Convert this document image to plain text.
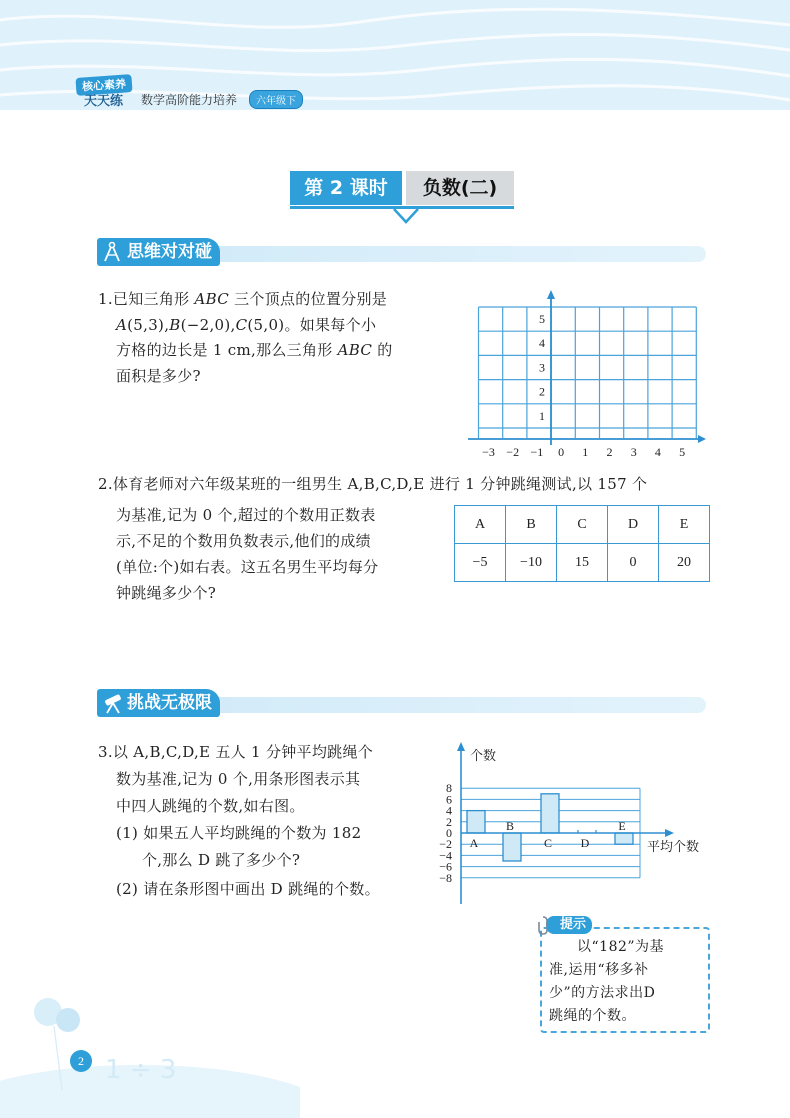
核心素养
天天练 数学高阶能力培养	六年级下
第 2 课时	负数(二)
思维对对碰
1.已知三角形 ABC 三个顶点的位置分别是
A(5,3),B(−2,0),C(5,0)。如果每个小
方格的边长是 1 cm,那么三角形 ABC 的
面积是多少?
−3 −2 −1 0 1 2 3 4 5
1
2
3
4
5
2.体育老师对六年级某班的一组男生 A,B,C,D,E 进行 1 分钟跳绳测试,以 157 个
为基准,记为 0 个,超过的个数用正数表
示,不足的个数用负数表示,他们的成绩
(单位:个)如右表。这五名男生平均每分
钟跳绳多少个?
A	B	C	D	E
−5	−10	15	0	20
挑战无极限
3.以 A,B,C,D,E 五人 1 分钟平均跳绳个
数为基准,记为 0 个,用条形图表示其
中四人跳绳的个数,如右图。
(1) 如果五人平均跳绳的个数为 182
个,那么 D 跳了多少个?
(2) 请在条形图中画出 D 跳绳的个数。
8
6
4
2
0
−2
−4
−6
−8
A
B
C D
E
个数
平均个数
提示
以“182”为基
准,运用“移多补
少”的方法求出D
跳绳的个数。
1 ÷ 3
2
